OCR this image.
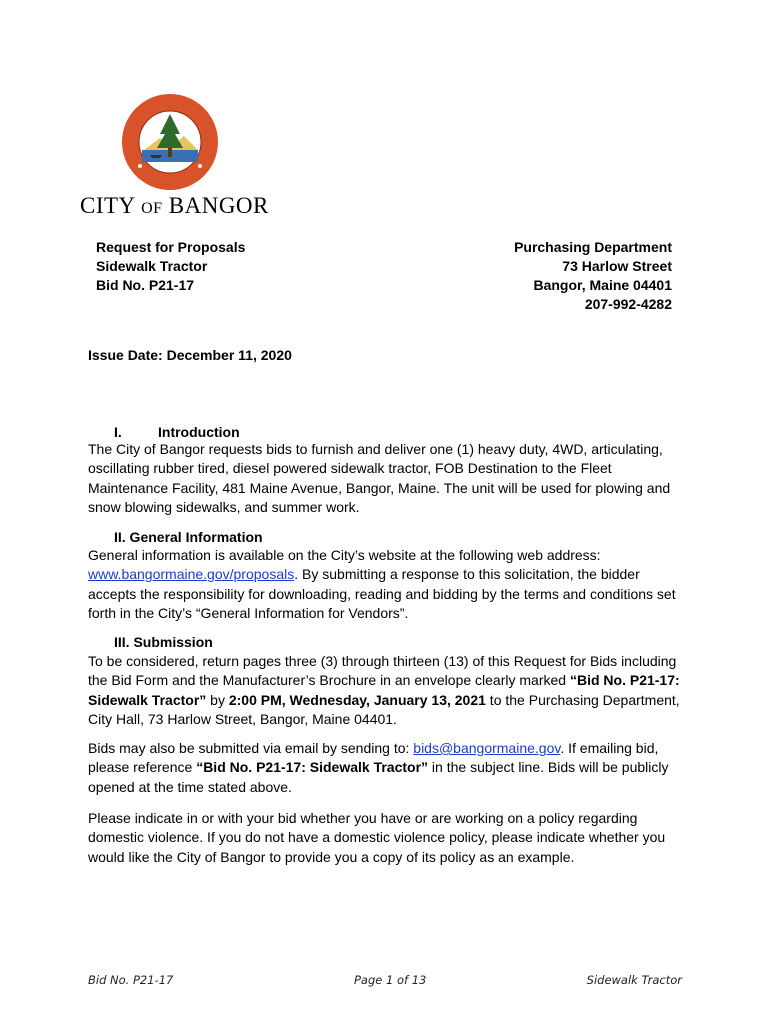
CITY OF BANGOR
Request for Proposals
Sidewalk Tractor
Bid No. P21-17
Purchasing Department
73 Harlow Street
Bangor, Maine 04401
207-992-4282
Issue Date: December 11, 2020
I.	Introduction
The City of Bangor requests bids to furnish and deliver one (1) heavy duty, 4WD, articulating, oscillating rubber tired, diesel powered sidewalk tractor, FOB Destination to the Fleet Maintenance Facility, 481 Maine Avenue, Bangor, Maine. The unit will be used for plowing and snow blowing sidewalks, and summer work.
II. General Information
General information is available on the City’s website at the following web address: www.bangormaine.gov/proposals. By submitting a response to this solicitation, the bidder accepts the responsibility for downloading, reading and bidding by the terms and conditions set forth in the City’s “General Information for Vendors”.
III. Submission
To be considered, return pages three (3) through thirteen (13) of this Request for Bids including the Bid Form and the Manufacturer’s Brochure in an envelope clearly marked “Bid No. P21-17: Sidewalk Tractor” by 2:00 PM, Wednesday, January 13, 2021 to the Purchasing Department, City Hall, 73 Harlow Street, Bangor, Maine 04401.
Bids may also be submitted via email by sending to: bids@bangormaine.gov. If emailing bid, please reference “Bid No. P21-17: Sidewalk Tractor” in the subject line. Bids will be publicly opened at the time stated above.
Please indicate in or with your bid whether you have or are working on a policy regarding domestic violence. If you do not have a domestic violence policy, please indicate whether you would like the City of Bangor to provide you a copy of its policy as an example.
Bid No. P21-17	Page 1 of 13	Sidewalk Tractor
